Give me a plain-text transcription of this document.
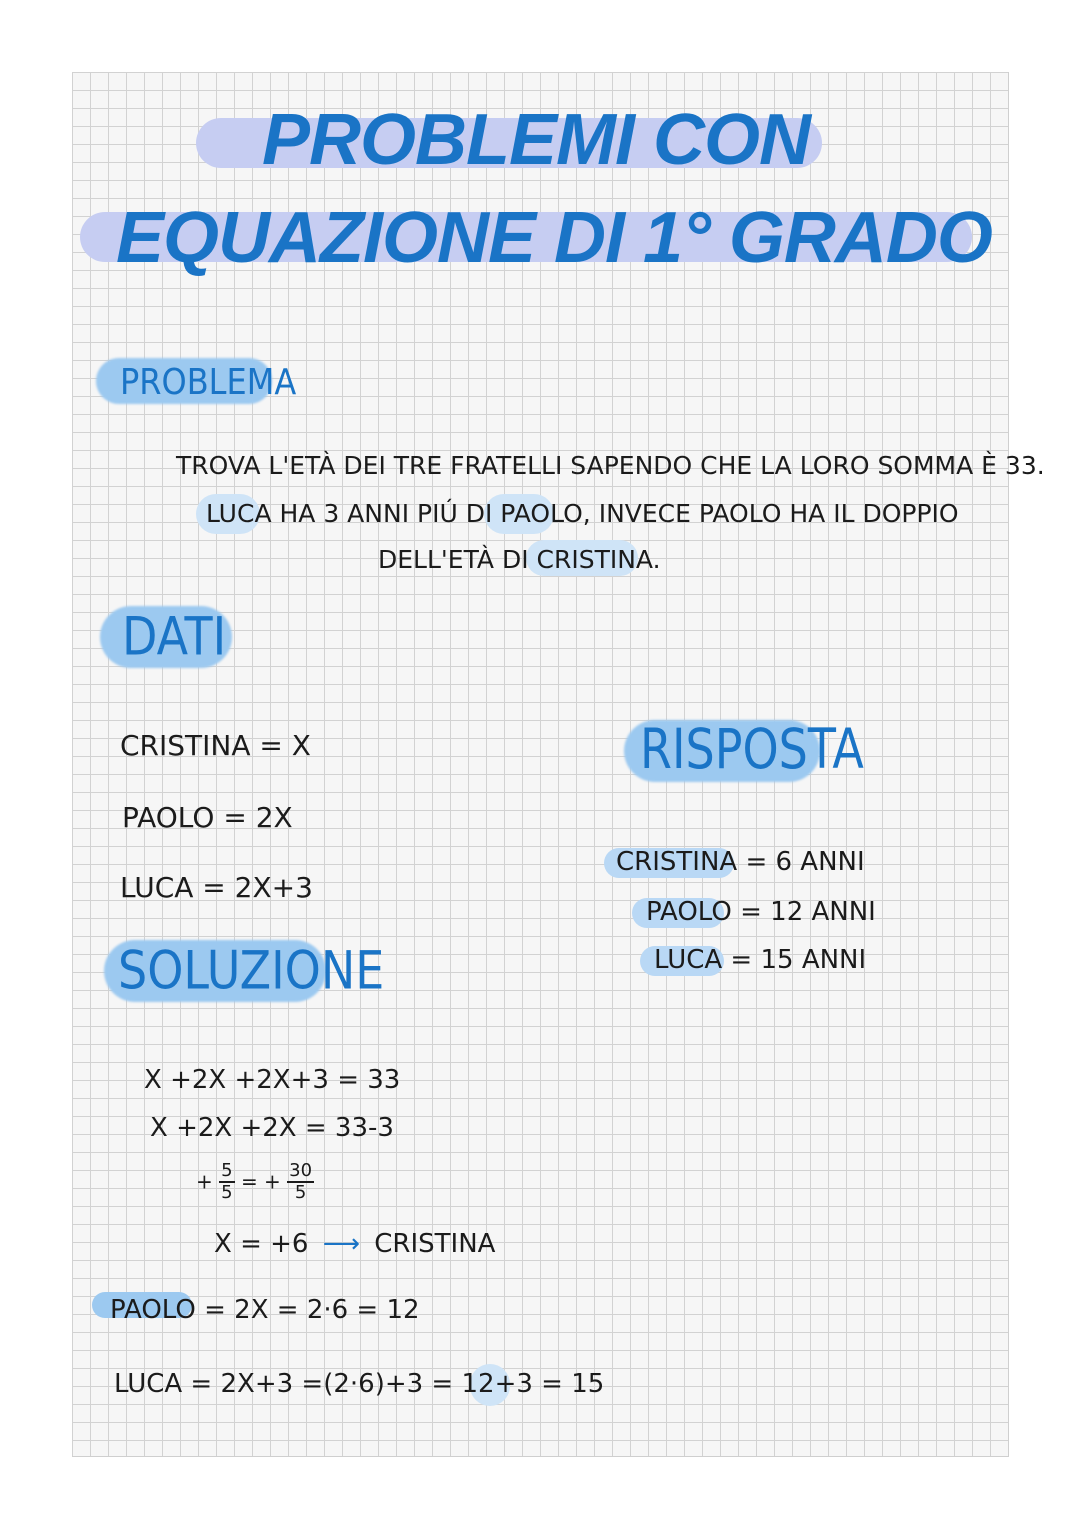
PROBLEMI CON
EQUAZIONE DI 1° GRADO
PROBLEMA
TROVA L'ETÀ DEI TRE FRATELLI SAPENDO CHE LA LORO SOMMA È 33.
LUCA HA 3 ANNI PIÚ DI PAOLO, INVECE PAOLO HA IL DOPPIO
DELL'ETÀ DI CRISTINA.
DATI
CRISTINA = X
PAOLO = 2X
LUCA = 2X+3
SOLUZIONE
RISPOSTA
CRISTINA = 6 ANNI
PAOLO = 12 ANNI
LUCA = 15 ANNI
X +2X +2X+3 = 33
X +2X +2X = 33-3
+ $\frac{5}{5}$ = + $\frac{30}{5}$
X = +6 ⟶ CRISTINA
PAOLO = 2X = 2·6 = 12
LUCA = 2X+3 =(2·6)+3 = 12+3 = 15
